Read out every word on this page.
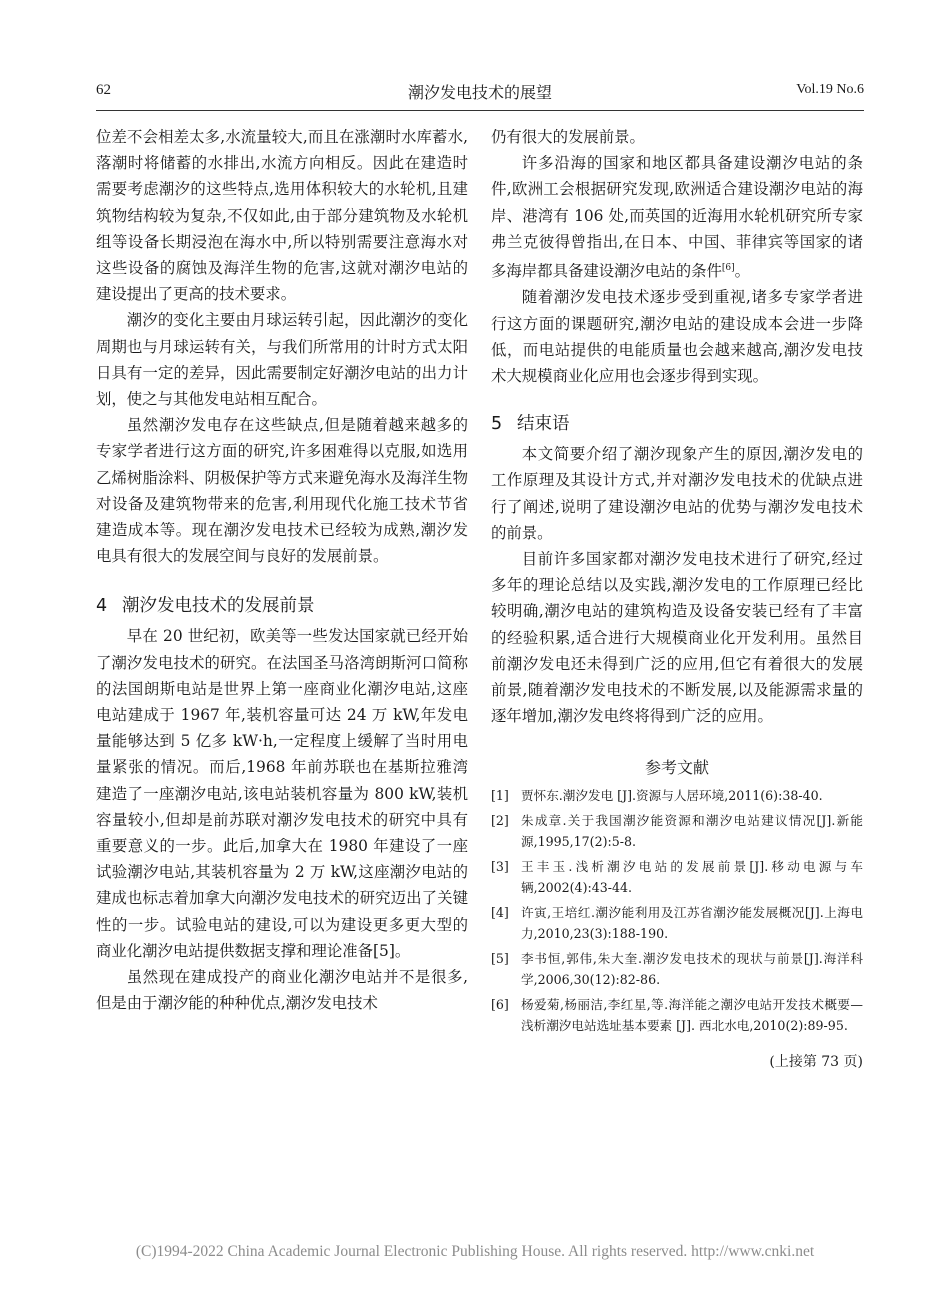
62	潮汐发电技术的展望	Vol.19 No.6

位差不会相差太多,水流量较大,而且在涨潮时水库蓄水,落潮时将储蓄的水排出,水流方向相反。因此在建造时需要考虑潮汐的这些特点,选用体积较大的水轮机,且建筑物结构较为复杂,不仅如此,由于部分建筑物及水轮机组等设备长期浸泡在海水中,所以特别需要注意海水对这些设备的腐蚀及海洋生物的危害,这就对潮汐电站的建设提出了更高的技术要求。

潮汐的变化主要由月球运转引起，因此潮汐的变化周期也与月球运转有关，与我们所常用的计时方式太阳日具有一定的差异，因此需要制定好潮汐电站的出力计划，使之与其他发电站相互配合。

虽然潮汐发电存在这些缺点,但是随着越来越多的专家学者进行这方面的研究,许多困难得以克服,如选用乙烯树脂涂料、阴极保护等方式来避免海水及海洋生物对设备及建筑物带来的危害,利用现代化施工技术节省建造成本等。现在潮汐发电技术已经较为成熟,潮汐发电具有很大的发展空间与良好的发展前景。

4 潮汐发电技术的发展前景

早在 20 世纪初，欧美等一些发达国家就已经开始了潮汐发电技术的研究。在法国圣马洛湾朗斯河口简称的法国朗斯电站是世界上第一座商业化潮汐电站,这座电站建成于 1967 年,装机容量可达 24 万 kW,年发电量能够达到 5 亿多 kW·h,一定程度上缓解了当时用电量紧张的情况。而后,1968 年前苏联也在基斯拉雅湾建造了一座潮汐电站,该电站装机容量为 800 kW,装机容量较小,但却是前苏联对潮汐发电技术的研究中具有重要意义的一步。此后,加拿大在 1980 年建设了一座试验潮汐电站,其装机容量为 2 万 kW,这座潮汐电站的建成也标志着加拿大向潮汐发电技术的研究迈出了关键性的一步。试验电站的建设,可以为建设更多更大型的商业化潮汐电站提供数据支撑和理论准备[5]。

虽然现在建成投产的商业化潮汐电站并不是很多,但是由于潮汐能的种种优点,潮汐发电技术

仍有很大的发展前景。

许多沿海的国家和地区都具备建设潮汐电站的条件,欧洲工会根据研究发现,欧洲适合建设潮汐电站的海岸、港湾有 106 处,而英国的近海用水轮机研究所专家弗兰克彼得曾指出,在日本、中国、菲律宾等国家的诸多海岸都具备建设潮汐电站的条件[6]。

随着潮汐发电技术逐步受到重视,诸多专家学者进行这方面的课题研究,潮汐电站的建设成本会进一步降低，而电站提供的电能质量也会越来越高,潮汐发电技术大规模商业化应用也会逐步得到实现。

5 结束语

本文简要介绍了潮汐现象产生的原因,潮汐发电的工作原理及其设计方式,并对潮汐发电技术的优缺点进行了阐述,说明了建设潮汐电站的优势与潮汐发电技术的前景。

目前许多国家都对潮汐发电技术进行了研究,经过多年的理论总结以及实践,潮汐发电的工作原理已经比较明确,潮汐电站的建筑构造及设备安装已经有了丰富的经验积累,适合进行大规模商业化开发利用。虽然目前潮汐发电还未得到广泛的应用,但它有着很大的发展前景,随着潮汐发电技术的不断发展,以及能源需求量的逐年增加,潮汐发电终将得到广泛的应用。

参考文献
[1] 贾怀东.潮汐发电 [J].资源与人居环境,2011(6):38-40.
[2] 朱成章.关于我国潮汐能资源和潮汐电站建议情况[J].新能源,1995,17(2):5-8.
[3] 王丰玉.浅析潮汐电站的发展前景[J].移动电源与车辆,2002(4):43-44.
[4] 许寅,王培红.潮汐能利用及江苏省潮汐能发展概况[J].上海电力,2010,23(3):188-190.
[5] 李书恒,郭伟,朱大奎.潮汐发电技术的现状与前景[J].海洋科学,2006,30(12):82-86.
[6] 杨爱菊,杨丽洁,李红星,等.海洋能之潮汐电站开发技术概要—浅析潮汐电站选址基本要素 [J]. 西北水电,2010(2):89-95.
(上接第 73 页)
(C)1994-2022 China Academic Journal Electronic Publishing House. All rights reserved. http://www.cnki.net
